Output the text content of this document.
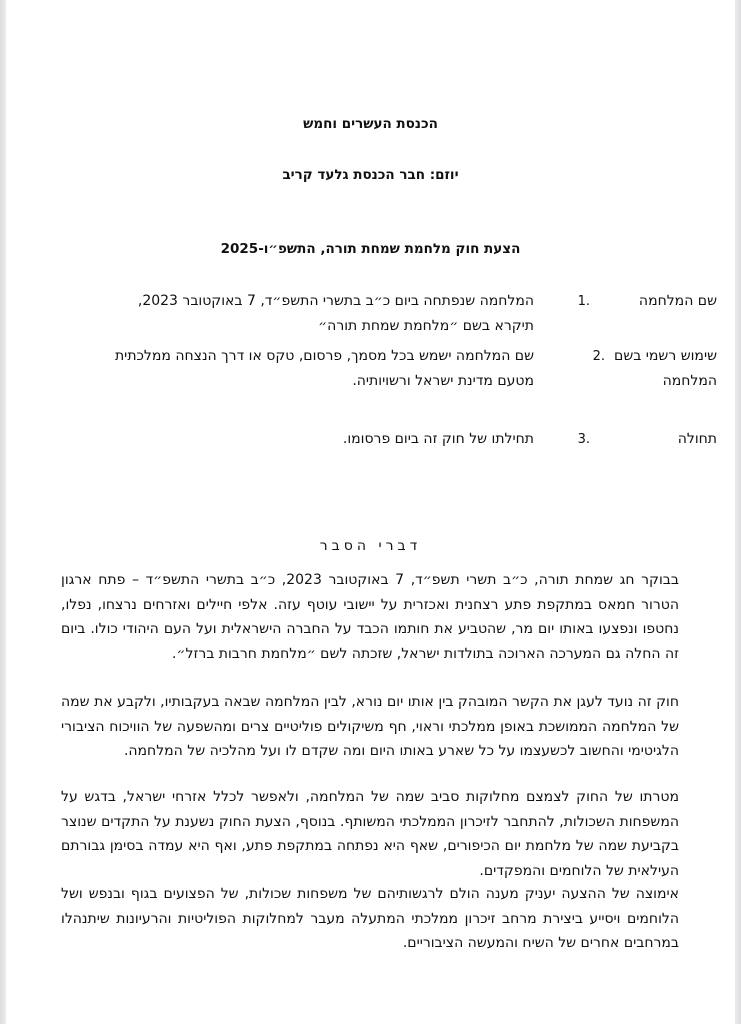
הכנסת העשרים וחמש
יוזם: חבר הכנסת גלעד קריב
הצעת חוק מלחמת שמחת תורה, התשפ״ו-2025
שם המלחמה
1.
המלחמה שנפתחה ביום כ״ב בתשרי התשפ״ד, 7 באוקטובר 2023, תיקרא בשם ״מלחמת שמחת תורה״
שימוש רשמי בשם המלחמה
2.
שם המלחמה ישמש בכל מסמך, פרסום, טקס או דרך הנצחה ממלכתית מטעם מדינת ישראל ורשויותיה.
תחולה
3.
תחילתו של חוק זה ביום פרסומו.
דברי הסבר
בבוקר חג שמחת תורה, כ״ב תשרי תשפ״ד, 7 באוקטובר 2023, כ״ב בתשרי התשפ״ד – פתח ארגון הטרור חמאס במתקפת פתע רצחנית ואכזרית על יישובי עוטף עזה. אלפי חיילים ואזרחים נרצחו, נפלו, נחטפו ונפצעו באותו יום מר, שהטביע את חותמו הכבד על החברה הישראלית ועל העם היהודי כולו. ביום זה החלה גם המערכה הארוכה בתולדות ישראל, שזכתה לשם ״מלחמת חרבות ברזל״.
חוק זה נועד לעגן את הקשר המובהק בין אותו יום נורא, לבין המלחמה שבאה בעקבותיו, ולקבע את שמה של המלחמה הממושכת באופן ממלכתי וראוי, חף משיקולים פוליטיים צרים ומהשפעה של הוויכוח הציבורי הלגיטימי והחשוב לכשעצמו על כל שארע באותו היום ומה שקדם לו ועל מהלכיה של המלחמה.
מטרתו של החוק לצמצם מחלוקות סביב שמה של המלחמה, ולאפשר לכלל אזרחי ישראל, בדגש על המשפחות השכולות, להתחבר לזיכרון הממלכתי המשותף. בנוסף, הצעת החוק נשענת על התקדים שנוצר בקביעת שמה של מלחמת יום הכיפורים, שאף היא נפתחה במתקפת פתע, ואף היא עמדה בסימן גבורתם העילאית של הלוחמים והמפקדים.
אימוצה של ההצעה יעניק מענה הולם לרגשותיהם של משפחות שכולות, של הפצועים בגוף ובנפש ושל הלוחמים ויסייע ביצירת מרחב זיכרון ממלכתי המתעלה מעבר למחלוקות הפוליטיות והרעיונות שיתנהלו במרחבים אחרים של השיח והמעשה הציבוריים.
